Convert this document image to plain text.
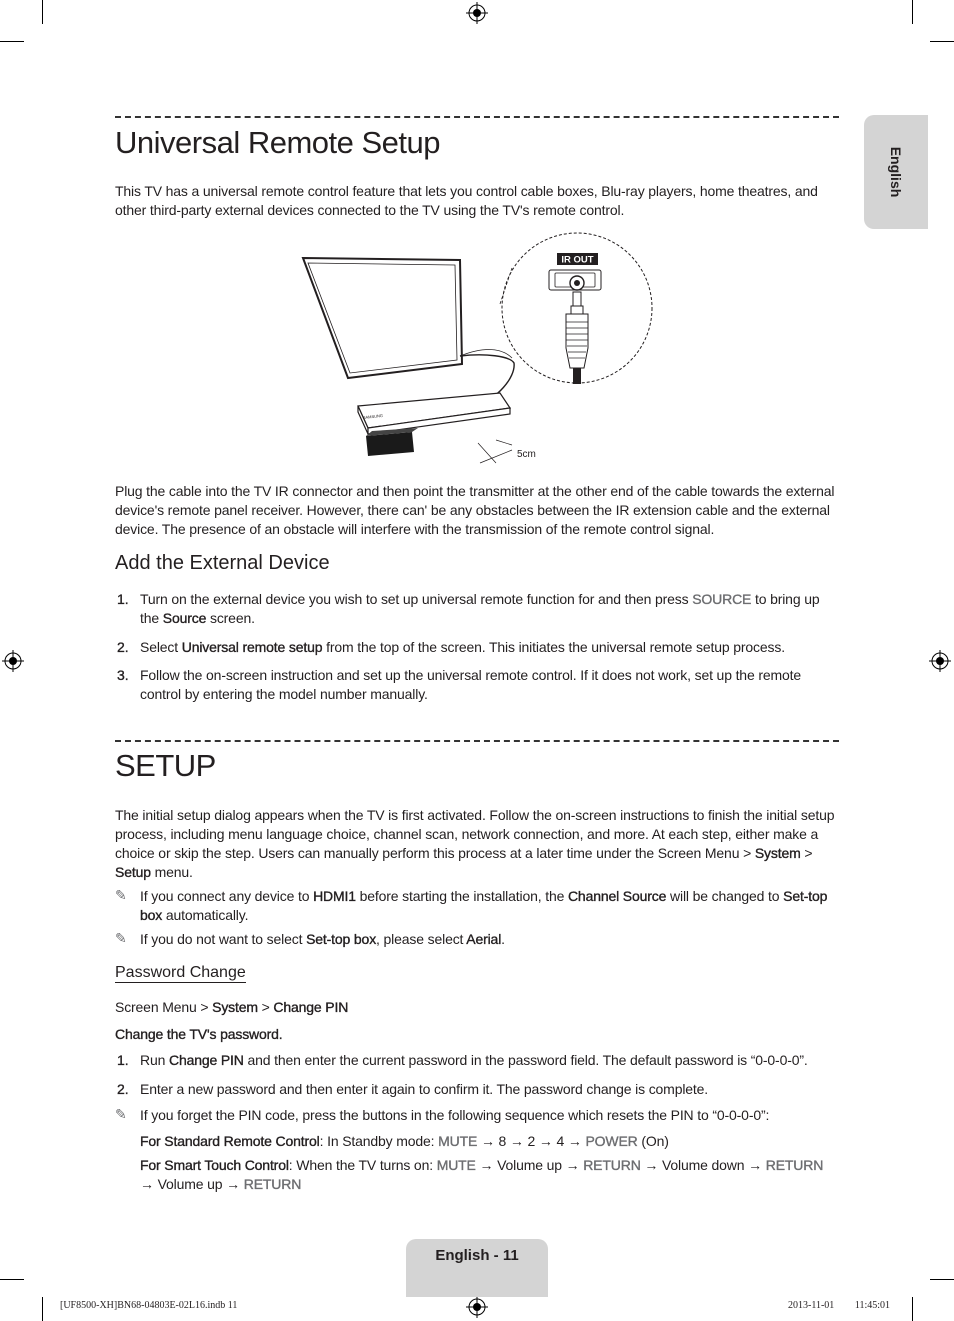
English
Universal Remote Setup
This TV has a universal remote control feature that lets you control cable boxes, Blu-ray players, home theatres, and other third-party external devices connected to the TV using the TV's remote control.
SAMSUNG
5cm
IR OUT
Plug the cable into the TV IR connector and then point the transmitter at the other end of the cable towards the external device's remote panel receiver. However, there can' be any obstacles between the IR extension cable and the external device. The presence of an obstacle will interfere with the transmission of the remote control signal.
Add the External Device
1. Turn on the external device you wish to set up universal remote function for and then press SOURCE to bring up the Source screen.
2. Select Universal remote setup from the top of the screen. This initiates the universal remote setup process.
3. Follow the on-screen instruction and set up the universal remote control. If it does not work, set up the remote control by entering the model number manually.
SETUP
The initial setup dialog appears when the TV is first activated. Follow the on-screen instructions to finish the initial setup process, including menu language choice, channel scan, network connection, and more. At each step, either make a choice or skip the step. Users can manually perform this process at a later time under the Screen Menu > System > Setup menu.
✎ If you connect any device to HDMI1 before starting the installation, the Channel Source will be changed to Set-top box automatically.
✎ If you do not want to select Set-top box, please select Aerial.
Password Change
Screen Menu > System > Change PIN
Change the TV's password.
1. Run Change PIN and then enter the current password in the password field. The default password is “0-0-0-0”.
2. Enter a new password and then enter it again to confirm it. The password change is complete.
✎ If you forget the PIN code, press the buttons in the following sequence which resets the PIN to “0-0-0-0”:
For Standard Remote Control: In Standby mode: MUTE → 8 → 2 → 4 → POWER (On)
For Smart Touch Control: When the TV turns on: MUTE → Volume up → RETURN → Volume down → RETURN → Volume up → RETURN
English - 11
[UF8500-XH]BN68-04803E-02L16.indb 11	2013-11-01 ￿￿ 11:45:01
